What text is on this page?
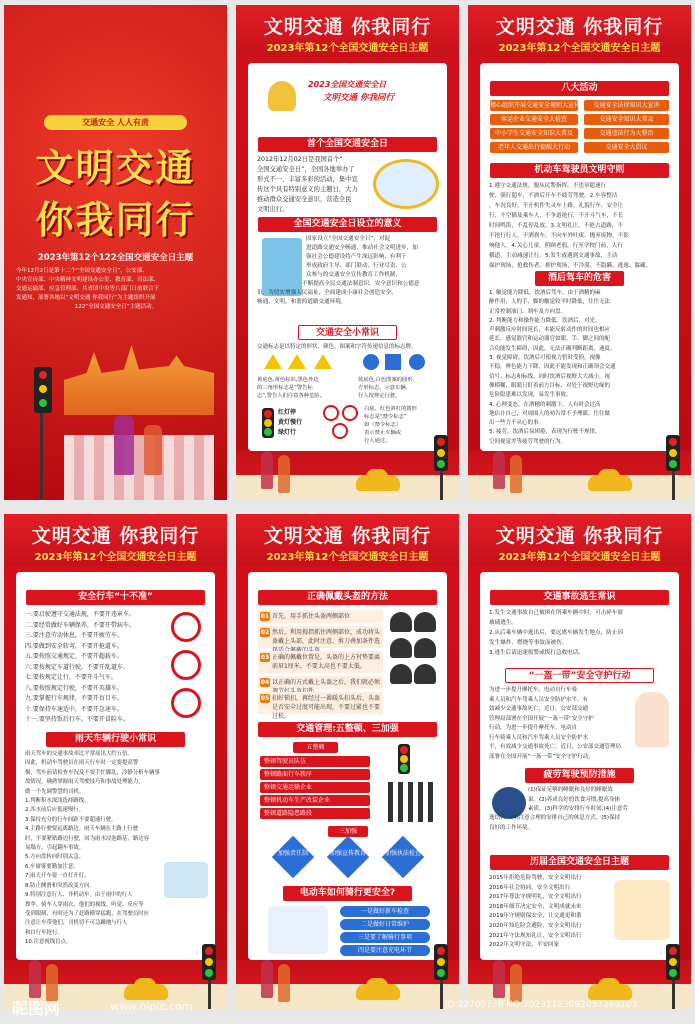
交通安全 人人有责
文明交通
你我同行
2023年第12个122全国交通安全日主题
今年12月2日是第十二个“全国交通安全日”，公安部、
中央宣传部、中央精神文明建设办公室、教育部、司法部、
交通运输部、应急管理部、共青团中央等八部门日前联合下
发通知，部署各地以“文明交通 你我同行”为主题组织开展
122“全国交通安全日”主题活动。
文明交通 你我同行
2023年第12个全国交通安全日主题
2023全国交通安全日
文明交通 你我同行
首个全国交通安全日
2012年12月02日是我国首个“
全国交通安全日”，全国各地举办了
形式不一、丰富多彩的活动，集中宣
传这个具有特别意义的主题日，大力
推动群众交通安全意识，营造全民
文明出行。
全国交通安全日设立的意义
国家设立“全国交通安全日”，对促
进道路交通安全畅通，推动社会文明进步，加
强社会公德建设将产生深远影响，有利于
形成政府主导、部门联动、行业尽责、公
众参与的交通安全宣传教育工作机制，
不断提高全民交通法制意识、安全意识和公德意
识，为切实增强人民福祉，全面建成小康社会创造安全、
畅通、文明、和谐的道路交通环境。
交通安全小常识
交通标志是以特定的形状、颜色、图案和字符传递信息的标志牌。
黄底色,黄色标识,黑色外边
的三角形标志是”警告标
志”,警告人们注意各种危险。
蓝底色,白色图案的圆形、
方形标志，示意车辆、
行人按规定行驶。
红灯停
黄灯慢行
绿灯行
白底、红色斜杠的圆形
标志是“禁令标志”
如（禁令标志）
表示禁止车辆或
行人通过。
文明交通 你我同行
2023年第12个全国交通安全日主题
八大活动
精心组织开展交通安全规则大宣传
客运企业交通安全大检查
中小学生交通安全知识大普及
老年人交通出行提醒大行动
交通安全法律知识大宣讲
交通安全知识大普及
交通违法行为大整治
交通安全大倡议
机动车驾驶员文明守则
1.遵守交通法规，服从民警指挥，不违章超速行
驶、强行超车，不酒后开车不疲劳驾驶。2.车容整洁
，车况良好，不开机件失灵车上路。礼貌行车，安全让
行，不空猫及乘车人，不争道抢行，不开斗气车，不长
时间鸣笛，不乱停乱放。3.文明礼让，不抢占道路，不
不抢行行人，不洒刹车，不向车外吐痰、抛弃废物，不影
响他人。4.关心儿童，照顾老弱，行至学校门前，人行
横道，主动减速让行。5.发生或遇到交通事故，主动
保护现场，抢救伤者，抑护现场，不冷漠、不隐瞒、逃逸、躲藏。
酒后驾车的危害
1. 触觉能力降低。饮酒后驾车，由于酒精的麻
醉作用，人的手、脚的触觉较平时降低，往往无法
正常控制油门、刹车及方向盘。
2. 判断能力和操作能力降低。饮酒后，对光、
声刺激反应时间延长，本能反射动作的时间也相应
延长，感觉器官和运动器官如眼、手、脚之间的配
合功能发生障碍，因此，无法正确判断距离、速度。
3. 视觉障碍。饮酒后可使视力暂时受损，视像
不稳，辨色能力下降，因此不能发现和正确领会交通
信号、标志和标线。同时饮酒后视野大大减小，视
像模糊，眼睛只盯着前方目标，对处于视野边缘的
危险隐患难以发现，易发生事故。
4. 心理变态。在酒精的刺激下，人有时会过高
地估计自己，对周围人的劝告常不予理睬，往往做
出一些力不从心的事。
5. 疲劳。饮酒后易困倦，表现为行驶不规律，
空间视觉差等疲劳驾驶的行为。
文明交通 你我同行
2023年第12个全国交通安全日主题
安全行车“十不准”
一.要启驶遵守交通法规，不要开违章车。
二.要经常做好车辆保养，不要开带病车。
三.要注意劳动休息，不要开疲劳车。
四.要做到安全转弯，不要开抢道车。
五.要按照交通规定，不要开超载车。
六.要按规定车道行驶，不要开乱道车。
七.要按规定让行，不要开斗气车。
八.要按照规定行驶，不要开英雄车。
九.要掌握行车规律，不要开盲目车。
十.要保持车速适中，不要开急速车。
十一.要坚持饭后行车，不要开冒险车。
雨天车辆行驶小常识
雨天驾车的交通事故率比平常高出大约五倍。
因此，机动车驾驶员在雨天行车时一定要提高警
惕，驾车前请检查车况及不要手忙脚乱，冷静分析车辆事
故情况，确熟掌握雨天驾驶技巧和事故处理能力，
做一个先调警慧的司机。
1.判断积水深浅选择路线。
2.涉水前后应低速慢行。
3.保持充分的行车间距不要超速行驶。
4.主路行驶要远离路边。雨天车辆在主路上行驶
时，不要紧贴路边行驶，因为雨水浸泡路基，路边容
易塌方，引起翻车事故。
5.方向盘转向时别太急。
6.车窗雾要勤加注意。
7.雨天开车要一直打开灯。
8.防止侧滑和突然改变方向。
9.特别注意行人、非机动车。由于雨中的行人
撑伞、骑车人穿雨衣，他们的视线、听觉、反应等
受到限制，有时还为了赶路横穿猛跑，在驾驶员时应
注意让车带他们，司机切不可急躁地与行人
和自行车抢行。
10.注意视线盲点。
文明交通 你我同行
2023年第12个全国交通安全日主题
正确佩戴头盔的方法
01 首先，用手抓住头盔两侧部位
02 然后，利用拇指抓住两侧部位，成功将头盔戴上头部，此时注意，剪刀叠加条件选
03 正确的佩戴位置是，头盔的上方衬垫要离前眉1厘米，不要太高也不要太低。
04 以正确的方式戴上头盔之后，我们就必须
05 扣好锁扣，再经过一番暖头扣头后，头盔是否安全过度可能出现，不要过紧也不要过松。
交通管理:五整顿、三加强
五整顿
整顿驾驶员队伍
整顿路面行车秩序
整顿交通运输企业
整顿机动车生产改装企业
整顿道路隐患路段
三加强
加强责任制	加强宣传教育	加强执法检查
电动车如何骑行更安全?
一是做好新车检查
二是做好日常维护
三是要了解骑行事项
四是要注意充电环节
文明交通 你我同行
2023年第12个全国交通安全日主题
交通事故逃生常识
1.发生交通事故自己被困在所乘车辆中时，可击碎车窗
玻璃逃生。
2.从后乘车辆中逃出后，要远离车辆发生地点，防止因
发生爆炸、燃烧等事故而被伤。
3.逃生后请迅速报警或拨打急救电话。
“一盔一带”安全守护行动
为进一步提升摩托车、电动自行车骑
乘人员和汽车驾乘人员安全防护水平，有
效减少交通事故死亡，近日，公安部交通
管理局部署在全国开展“一盔一带”安全守护
行动，为进一步提升摩托车、电动自
行车骑乘人员和汽车驾乘人员安全防护水
平，有效减少交通事故死亡，近日，公安部交通管理局
部署在全国开展“一盔一带”安全守护行动。
疲劳驾驶预防措施
(1)保证足够的睡眠和良好的睡眠效
果。(2)养成良好的饮食习惯,提高身体
素质。(3)科学的安排行车时间,(4)注意劳
逸结合。(4)注意合理的安排自己的休息方式。(5)保持
良好的工作环境。
历届全国交通安全日主题
2015年拒绝危险驾驶，安全文明出行
2016年社会协同，安全文明出行
2017年尊法守规明礼，安全文明出行
2018年细节决定安全，文明成就未来
2019年守规则保安全，让交通更和谐
2020年知危险会避险，安全文明出行
2021年守法规知礼让，安全文明出行
2022年文明守法，平安回家
昵图网	www.nipic.com	ID:22709738 NO:20231123092057260103
